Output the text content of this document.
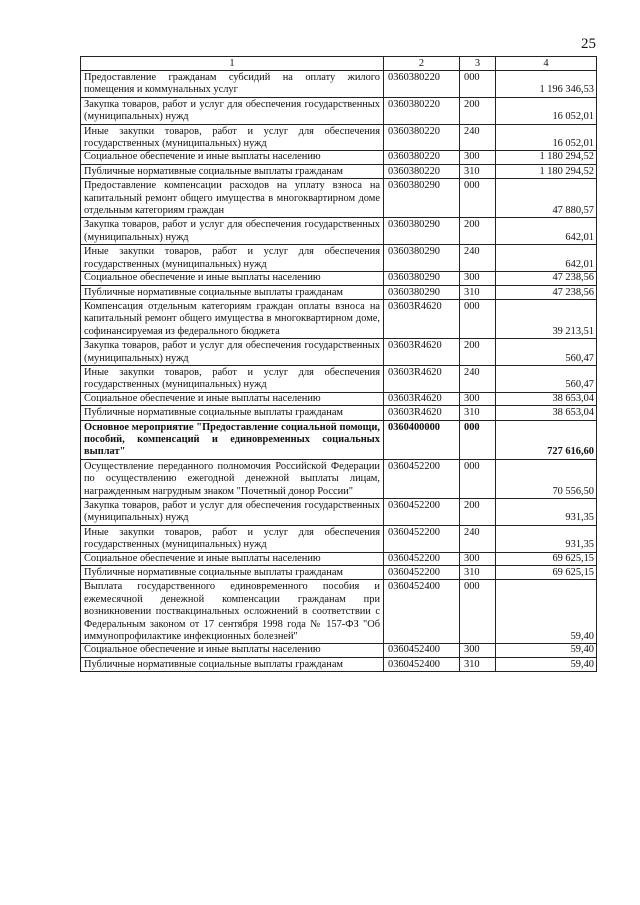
25
1	2	3	4
Предоставление гражданам субсидий на оплату жилого помещения и коммунальных услуг	0360380220	000	1 196 346,53
Закупка товаров, работ и услуг для обеспечения государственных (муниципальных) нужд	0360380220	200	16 052,01
Иные закупки товаров, работ и услуг для обеспечения государственных (муниципальных) нужд	0360380220	240	16 052,01
Социальное обеспечение и иные выплаты населению	0360380220	300	1 180 294,52
Публичные нормативные социальные выплаты гражданам	0360380220	310	1 180 294,52
Предоставление компенсации расходов на уплату взноса на капитальный ремонт общего имущества в многоквартирном доме отдельным категориям граждан	0360380290	000	47 880,57
Закупка товаров, работ и услуг для обеспечения государственных (муниципальных) нужд	0360380290	200	642,01
Иные закупки товаров, работ и услуг для обеспечения государственных (муниципальных) нужд	0360380290	240	642,01
Социальное обеспечение и иные выплаты населению	0360380290	300	47 238,56
Публичные нормативные социальные выплаты гражданам	0360380290	310	47 238,56
Компенсация отдельным категориям граждан оплаты взноса на капитальный ремонт общего имущества в многоквартирном доме, софинансируемая из федерального бюджета	03603R4620	000	39 213,51
Закупка товаров, работ и услуг для обеспечения государственных (муниципальных) нужд	03603R4620	200	560,47
Иные закупки товаров, работ и услуг для обеспечения государственных (муниципальных) нужд	03603R4620	240	560,47
Социальное обеспечение и иные выплаты населению	03603R4620	300	38 653,04
Публичные нормативные социальные выплаты гражданам	03603R4620	310	38 653,04
Основное мероприятие "Предоставление социальной помощи, пособий, компенсаций и единовременных социальных выплат"	0360400000	000	727 616,60
Осуществление переданного полномочия Российской Федерации по осуществлению ежегодной денежной выплаты лицам, награжденным нагрудным знаком "Почетный донор России"	0360452200	000	70 556,50
Закупка товаров, работ и услуг для обеспечения государственных (муниципальных) нужд	0360452200	200	931,35
Иные закупки товаров, работ и услуг для обеспечения государственных (муниципальных) нужд	0360452200	240	931,35
Социальное обеспечение и иные выплаты населению	0360452200	300	69 625,15
Публичные нормативные социальные выплаты гражданам	0360452200	310	69 625,15
Выплата государственного единовременного пособия и ежемесячной денежной компенсации гражданам при возникновении поствакцинальных осложнений в соответствии с Федеральным законом от 17 сентября 1998 года № 157-ФЗ "Об иммунопрофилактике инфекционных болезней"	0360452400	000	59,40
Социальное обеспечение и иные выплаты населению	0360452400	300	59,40
Публичные нормативные социальные выплаты гражданам	0360452400	310	59,40
